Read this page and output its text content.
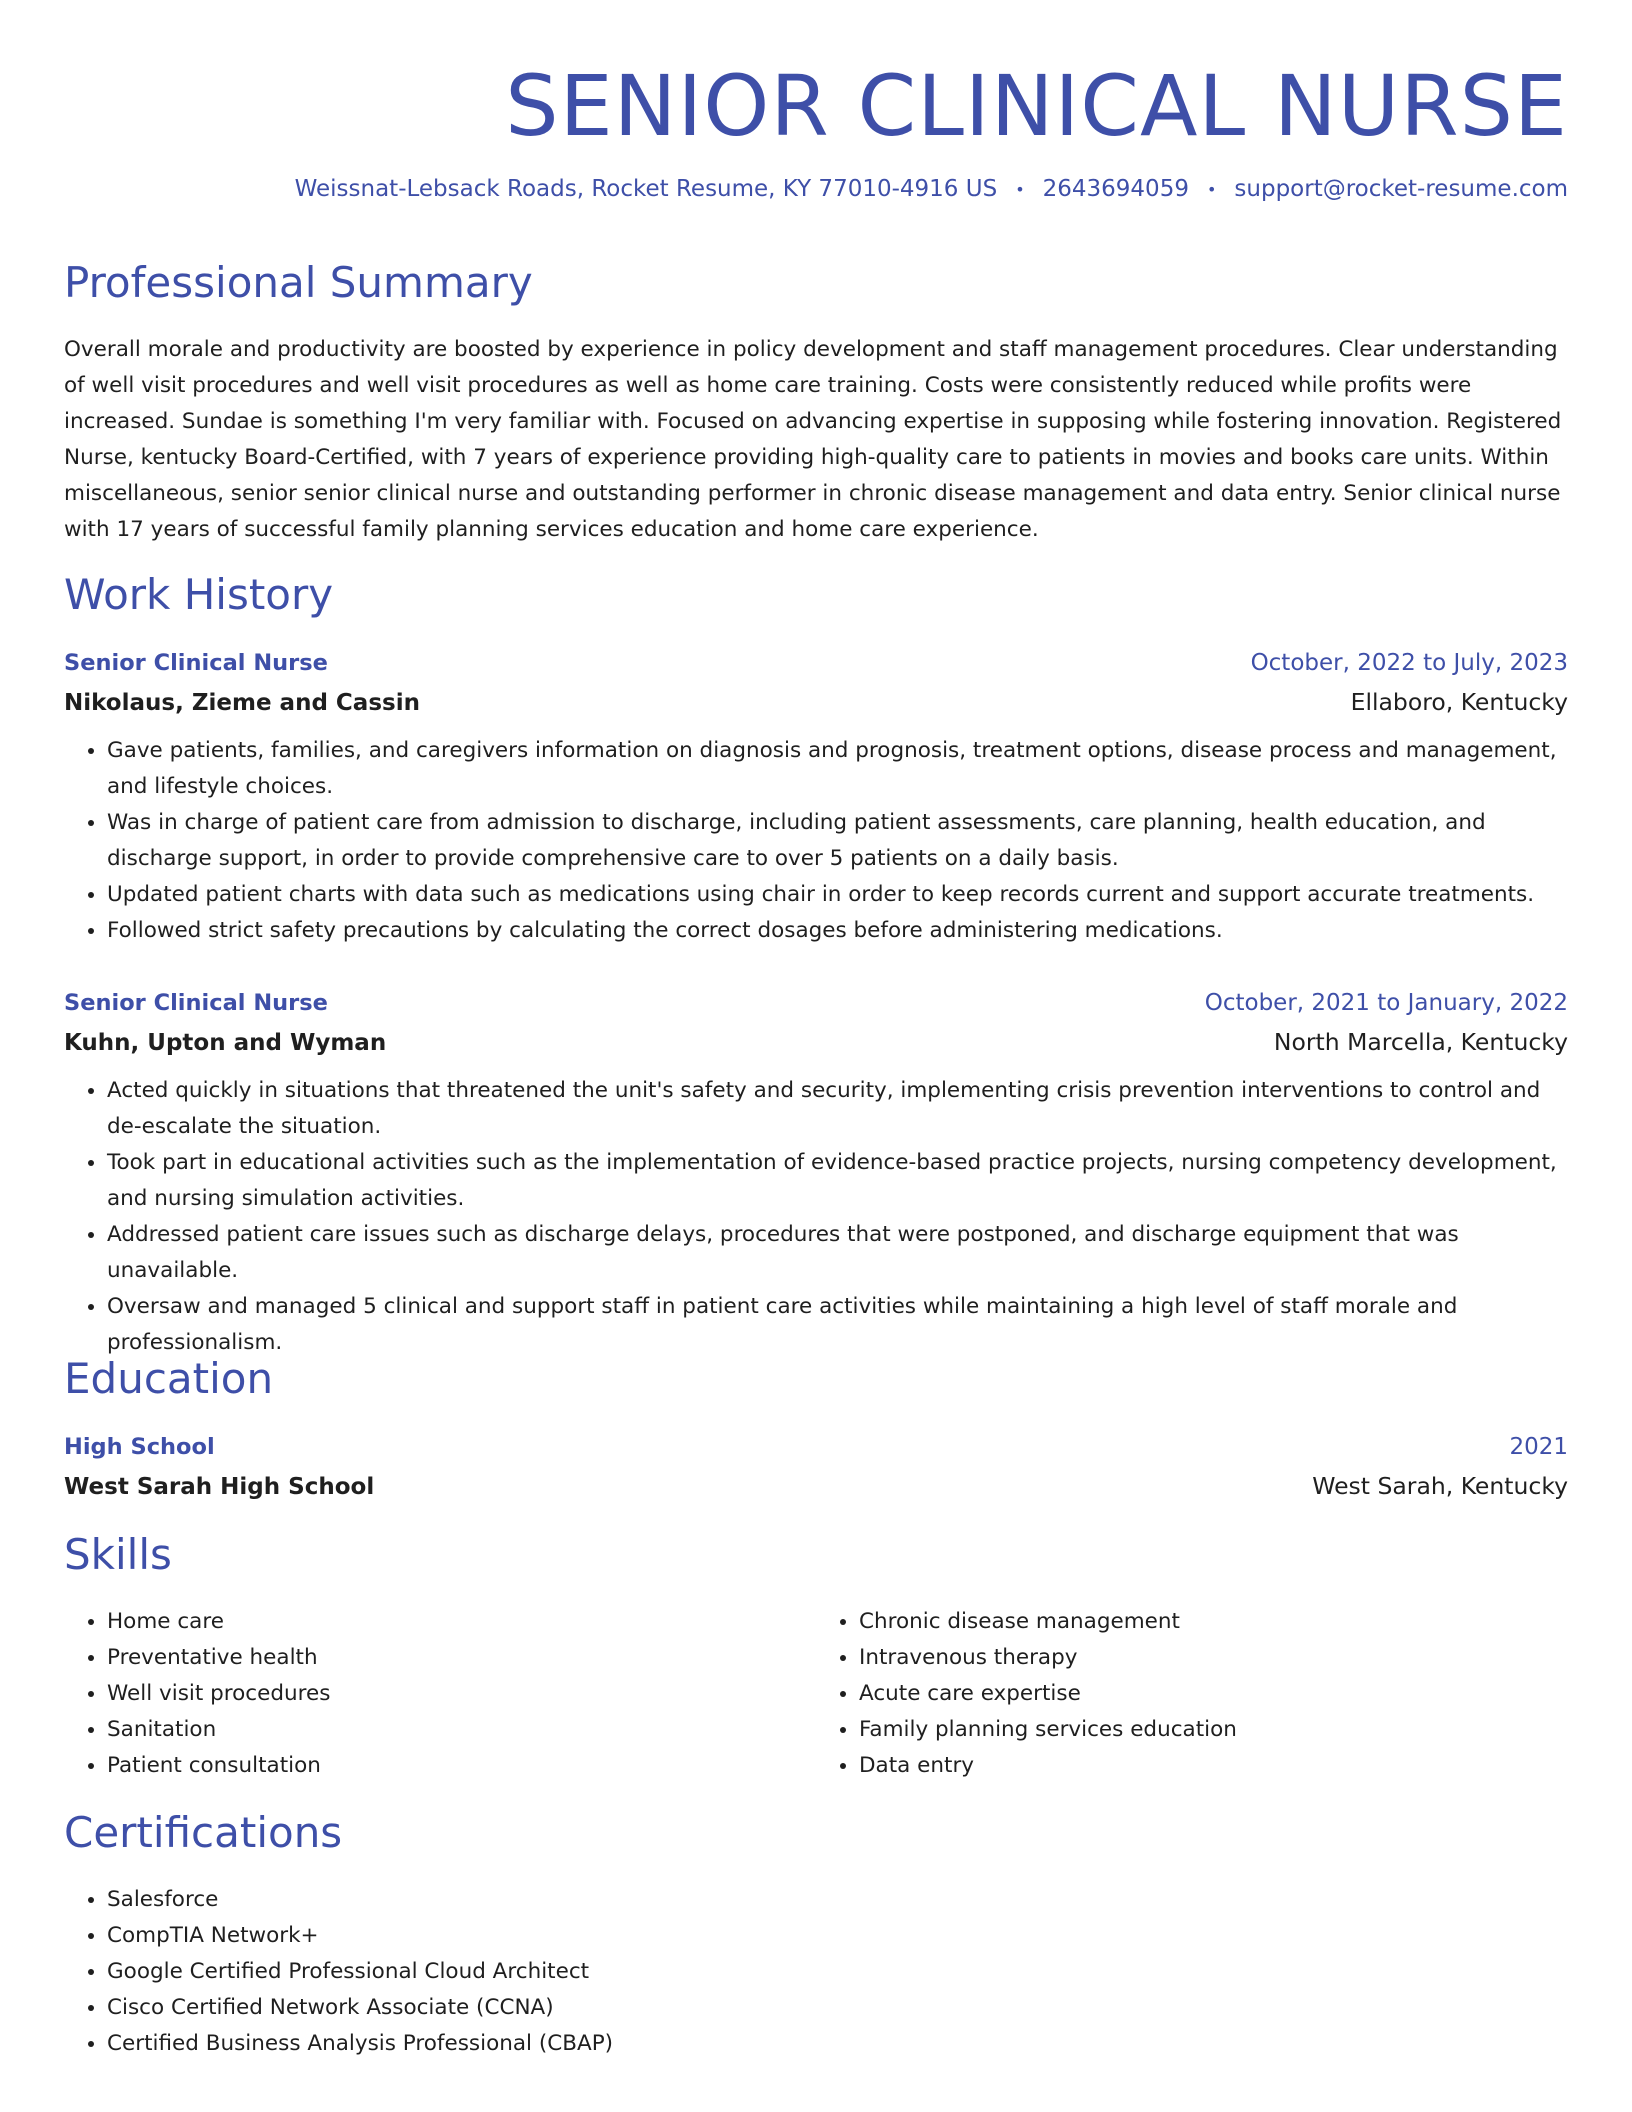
SENIOR CLINICAL NURSE
Weissnat-Lebsack Roads, Rocket Resume, KY 77010-4916 US • 2643694059 • support@rocket-resume.com
Professional Summary

Overall morale and productivity are boosted by experience in policy development and staff management procedures. Clear understanding of well visit procedures and well visit procedures as well as home care training. Costs were consistently reduced while profits were increased. Sundae is something I'm very familiar with. Focused on advancing expertise in supposing while fostering innovation. Registered Nurse, kentucky Board-Certified, with 7 years of experience providing high-quality care to patients in movies and books care units. Within miscellaneous, senior senior clinical nurse and outstanding performer in chronic disease management and data entry. Senior clinical nurse with 17 years of successful family planning services education and home care experience.

Work History
Senior Clinical Nurse	October, 2022 to July, 2023
Nikolaus, Zieme and Cassin	Ellaboro, Kentucky
• Gave patients, families, and caregivers information on diagnosis and prognosis, treatment options, disease process and management, and lifestyle choices.
• Was in charge of patient care from admission to discharge, including patient assessments, care planning, health education, and discharge support, in order to provide comprehensive care to over 5 patients on a daily basis.
• Updated patient charts with data such as medications using chair in order to keep records current and support accurate treatments.
• Followed strict safety precautions by calculating the correct dosages before administering medications.
Senior Clinical Nurse	October, 2021 to January, 2022
Kuhn, Upton and Wyman	North Marcella, Kentucky
• Acted quickly in situations that threatened the unit's safety and security, implementing crisis prevention interventions to control and de-escalate the situation.
• Took part in educational activities such as the implementation of evidence-based practice projects, nursing competency development, and nursing simulation activities.
• Addressed patient care issues such as discharge delays, procedures that were postponed, and discharge equipment that was unavailable.
• Oversaw and managed 5 clinical and support staff in patient care activities while maintaining a high level of staff morale and professionalism.
Education
High School	2021
West Sarah High School	West Sarah, Kentucky
Skills
• Home care
• Preventative health
• Well visit procedures
• Sanitation
• Patient consultation
• Chronic disease management
• Intravenous therapy
• Acute care expertise
• Family planning services education
• Data entry
Certifications
• Salesforce
• CompTIA Network+
• Google Certified Professional Cloud Architect
• Cisco Certified Network Associate (CCNA)
• Certified Business Analysis Professional (CBAP)
